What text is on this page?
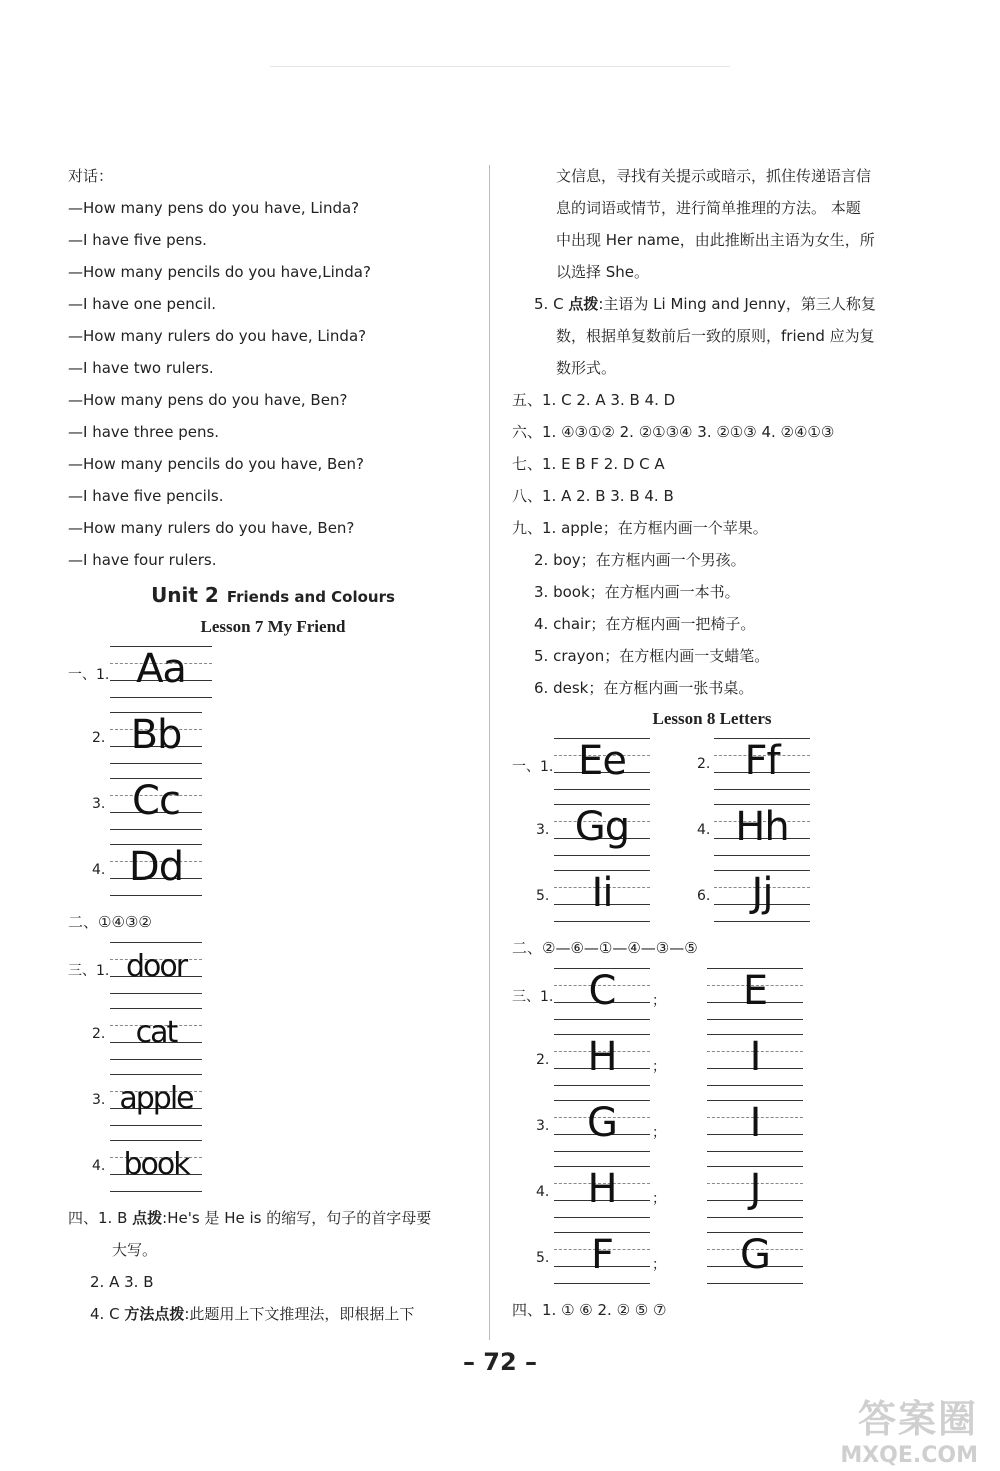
对话：
—How many pens do you have, Linda?
—I have five pens.
—How many pencils do you have,Linda?
—I have one pencil.
—How many rulers do you have, Linda?
—I have two rulers.
—How many pens do you have, Ben?
—I have three pens.
—How many pencils do you have, Ben?
—I have five pencils.
—How many rulers do you have, Ben?
—I have four rulers.
Unit 2 Friends and Colours
Lesson 7 My Friend
一、1. Aa
2. Bb
3. Cc
4. Dd
二、①④③②
三、1. door
2.	cat
3. apple
4. book
四、1. B 点拨:He's 是 He is 的缩写，句子的首字母要
大写。
2. A 3. B
4. C 方法点拨:此题用上下文推理法，即根据上下
文信息，寻找有关提示或暗示，抓住传递语言信
息的词语或情节，进行简单推理的方法。 本题
中出现 Her name，由此推断出主语为女生，所
以选择 She。
5. C 点拨:主语为 Li Ming and Jenny，第三人称复
数，根据单复数前后一致的原则，friend 应为复
数形式。
五、1. C 2. A 3. B 4. D
六、1. ④③①② 2. ②①③④ 3. ②①③ 4. ②④①③
七、1. E B F 2. D C A
八、1. A 2. B 3. B 4. B
九、1. apple；在方框内画一个苹果。
2. boy；在方框内画一个男孩。
3. book；在方框内画一本书。
4. chair；在方框内画一把椅子。
5. crayon；在方框内画一支蜡笔。
6. desk；在方框内画一张书桌。
Lesson 8 Letters
一、1. Ee	2. Ff
3. Gg	4. Hh
5.	Ii	6.	Jj
二、②—⑥—①—④—③—⑤
三、1. C	；	E
2. H	；	I
3. G	；	I
4. H	；	J
5.	F	；	G
四、1. ① ⑥ 2. ② ⑤ ⑦
– 72 –
答案圈
MXQE.COM
